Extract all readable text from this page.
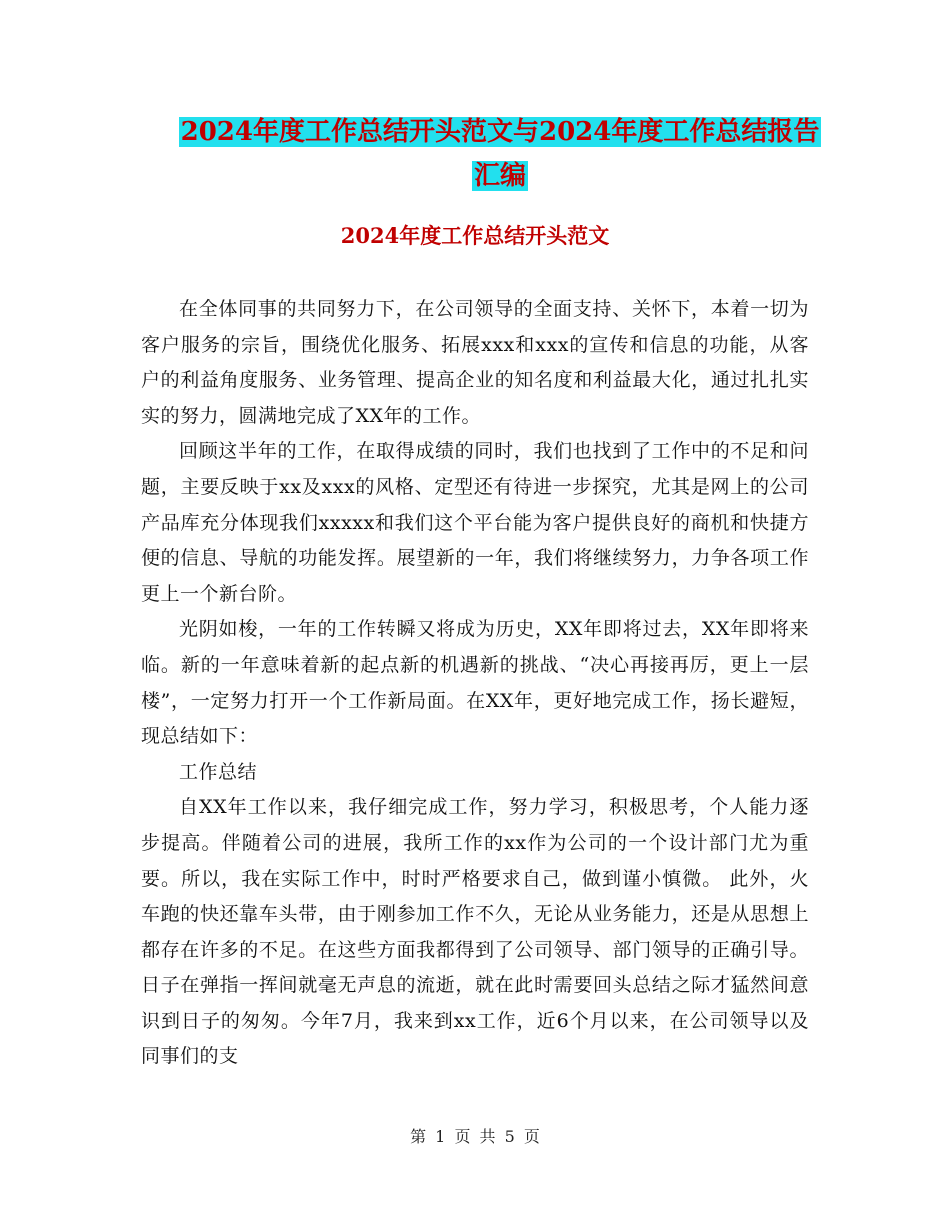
2024年度工作总结开头范文与2024年度工作总结报告
汇编
2024年度工作总结开头范文

在全体同事的共同努力下，在公司领导的全面支持、关怀下，本着一切为客户服务的宗旨，围绕优化服务、拓展xxx和xxx的宣传和信息的功能，从客户的利益角度服务、业务管理、提高企业的知名度和利益最大化，通过扎扎实实的努力，圆满地完成了XX年的工作。

回顾这半年的工作，在取得成绩的同时，我们也找到了工作中的不足和问题，主要反映于xx及xxx的风格、定型还有待进一步探究，尤其是网上的公司产品库充分体现我们xxxxx和我们这个平台能为客户提供良好的商机和快捷方便的信息、导航的功能发挥。展望新的一年，我们将继续努力，力争各项工作更上一个新台阶。

光阴如梭，一年的工作转瞬又将成为历史，XX年即将过去，XX年即将来临。新的一年意味着新的起点新的机遇新的挑战、“决心再接再厉，更上一层楼”，一定努力打开一个工作新局面。在XX年，更好地完成工作，扬长避短，现总结如下：

工作总结

自XX年工作以来，我仔细完成工作，努力学习，积极思考，个人能力逐步提高。伴随着公司的进展，我所工作的xx作为公司的一个设计部门尤为重要。所以，我在实际工作中，时时严格要求自己，做到谨小慎微。 此外，火车跑的快还靠车头带，由于刚参加工作不久，无论从业务能力，还是从思想上都存在许多的不足。在这些方面我都得到了公司领导、部门领导的正确引导。 日子在弹指一挥间就毫无声息的流逝，就在此时需要回头总结之际才猛然间意识到日子的匆匆。今年7月，我来到xx工作，近6个月以来，在公司领导以及同事们的支

第 1 页 共 5 页
